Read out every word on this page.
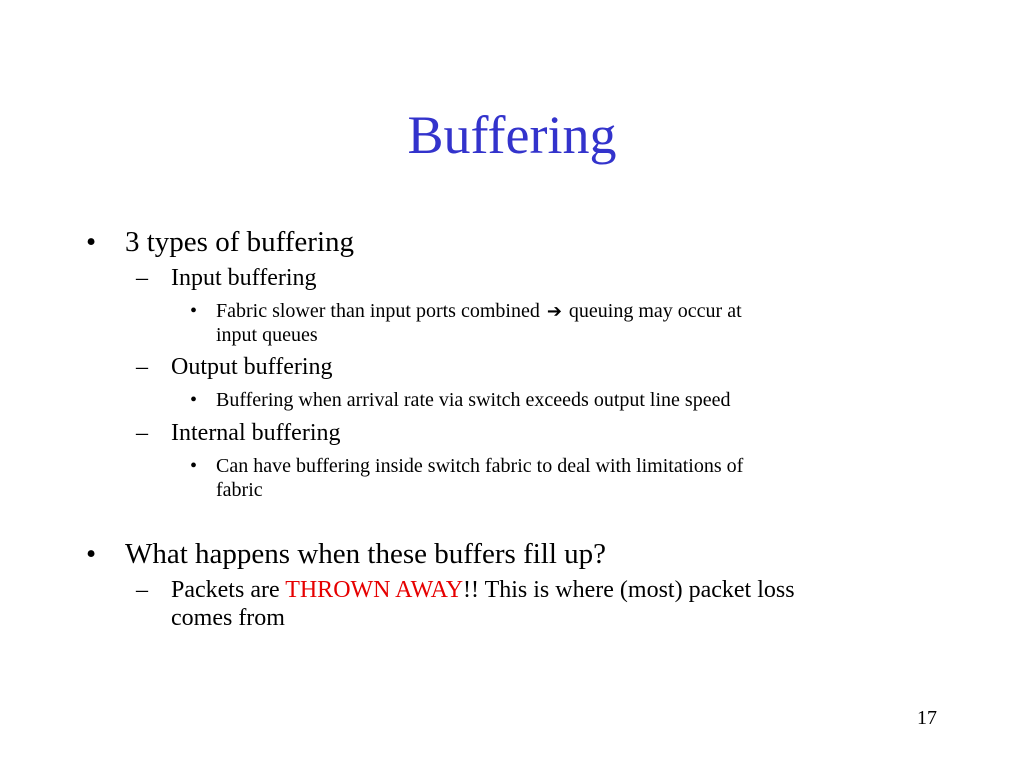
Buffering
• 3 types of buffering
– Input buffering
• Fabric slower than input ports combined ➔ queuing may occur at
input queues
– Output buffering
• Buffering when arrival rate via switch exceeds output line speed
– Internal buffering
• Can have buffering inside switch fabric to deal with limitations of
fabric
• What happens when these buffers fill up?
– Packets are THROWN AWAY!! This is where (most) packet loss
comes from
17
